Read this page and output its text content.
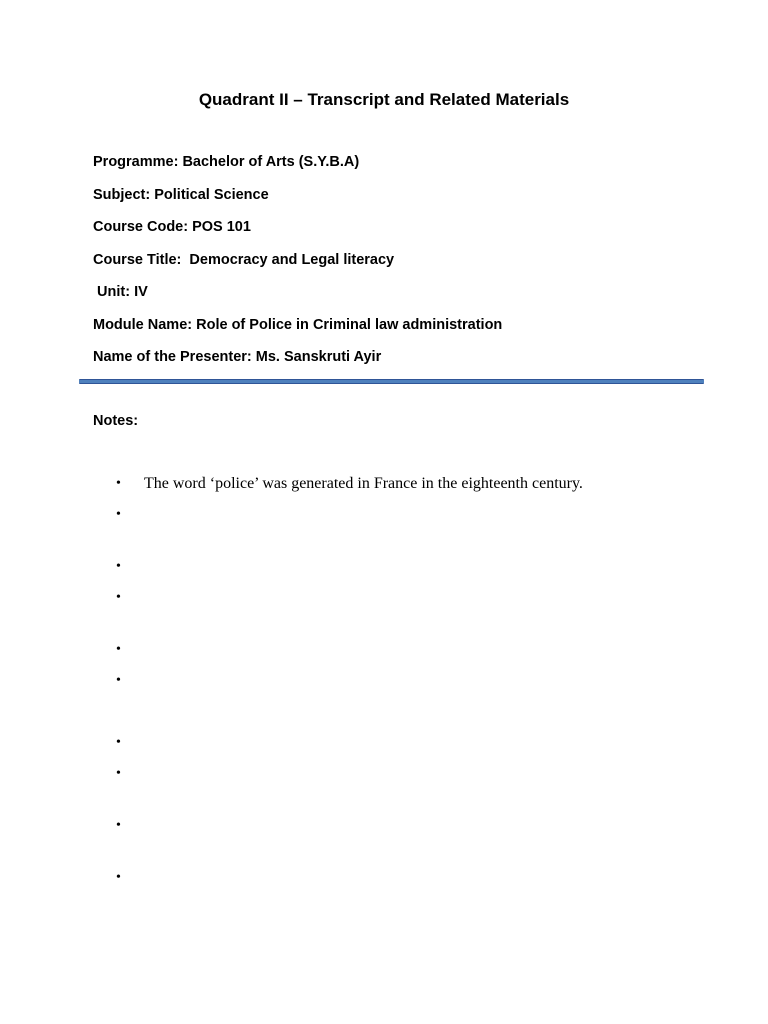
Quadrant II – Transcript and Related Materials
Programme: Bachelor of Arts (S.Y.B.A)
Subject: Political Science
Course Code: POS 101
Course Title:  Democracy and Legal literacy
Unit: IV
Module Name: Role of Police in Criminal law administration
Name of the Presenter: Ms. Sanskruti Ayir

Notes:

•	The word ‘police’ was generated in France in the eighteenth century.
•
•
•
•
•
•
•
•
•
